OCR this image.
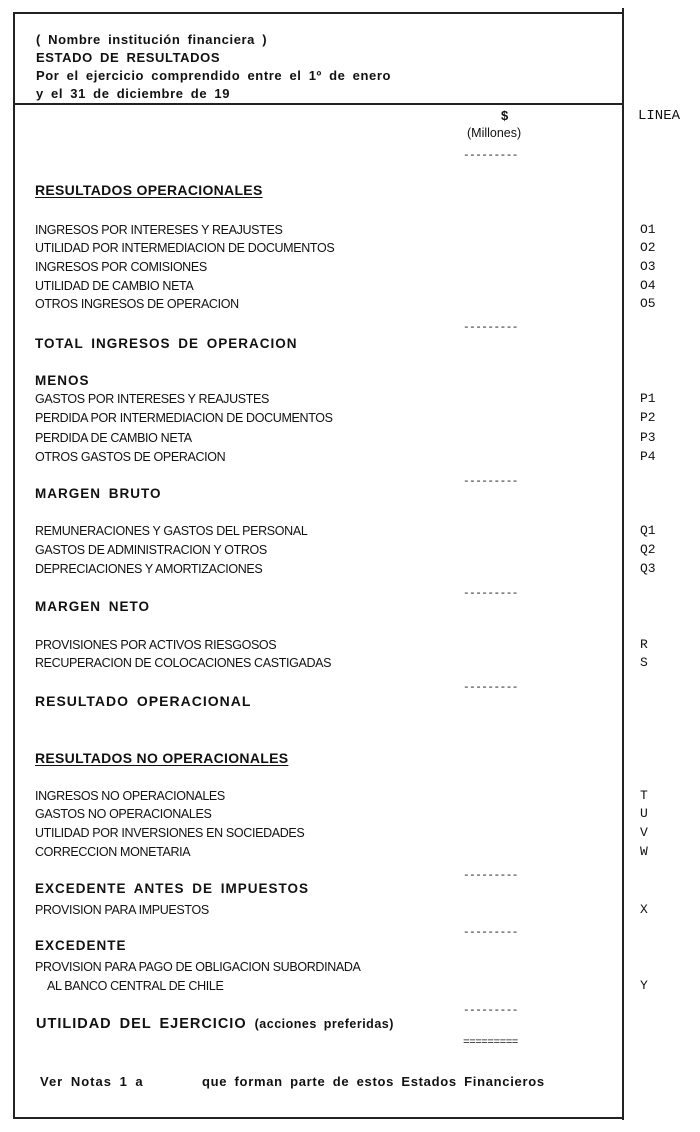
( Nombre institución financiera )
ESTADO DE RESULTADOS
Por el ejercicio comprendido entre el 1º de enero
y el 31 de diciembre de 19
$
(Millones)
LINEA
---------
RESULTADOS OPERACIONALES
INGRESOS POR INTERESES Y REAJUSTES	O1
UTILIDAD POR INTERMEDIACION DE DOCUMENTOS	O2
INGRESOS POR COMISIONES	O3
UTILIDAD DE CAMBIO NETA	O4
OTROS INGRESOS DE OPERACION	O5
---------
TOTAL INGRESOS DE OPERACION
MENOS
GASTOS POR INTERESES Y REAJUSTES	P1
PERDIDA POR INTERMEDIACION DE DOCUMENTOS	P2
PERDIDA DE CAMBIO NETA	P3
OTROS GASTOS DE OPERACION	P4
---------
MARGEN BRUTO
REMUNERACIONES Y GASTOS DEL PERSONAL	Q1
GASTOS DE ADMINISTRACION Y OTROS	Q2
DEPRECIACIONES Y AMORTIZACIONES	Q3
---------
MARGEN NETO
PROVISIONES POR ACTIVOS RIESGOSOS	R
RECUPERACION DE COLOCACIONES CASTIGADAS	S
---------
RESULTADO OPERACIONAL
RESULTADOS NO OPERACIONALES
INGRESOS NO OPERACIONALES	T
GASTOS NO OPERACIONALES	U
UTILIDAD POR INVERSIONES EN SOCIEDADES	V
CORRECCION MONETARIA	W
---------
EXCEDENTE ANTES DE IMPUESTOS
PROVISION PARA IMPUESTOS	X
---------
EXCEDENTE
PROVISION PARA PAGO DE OBLIGACION SUBORDINADA
AL BANCO CENTRAL DE CHILE	Y
---------
UTILIDAD DEL EJERCICIO (acciones preferidas)
=========
Ver Notas 1 a	que forman parte de estos Estados Financieros
